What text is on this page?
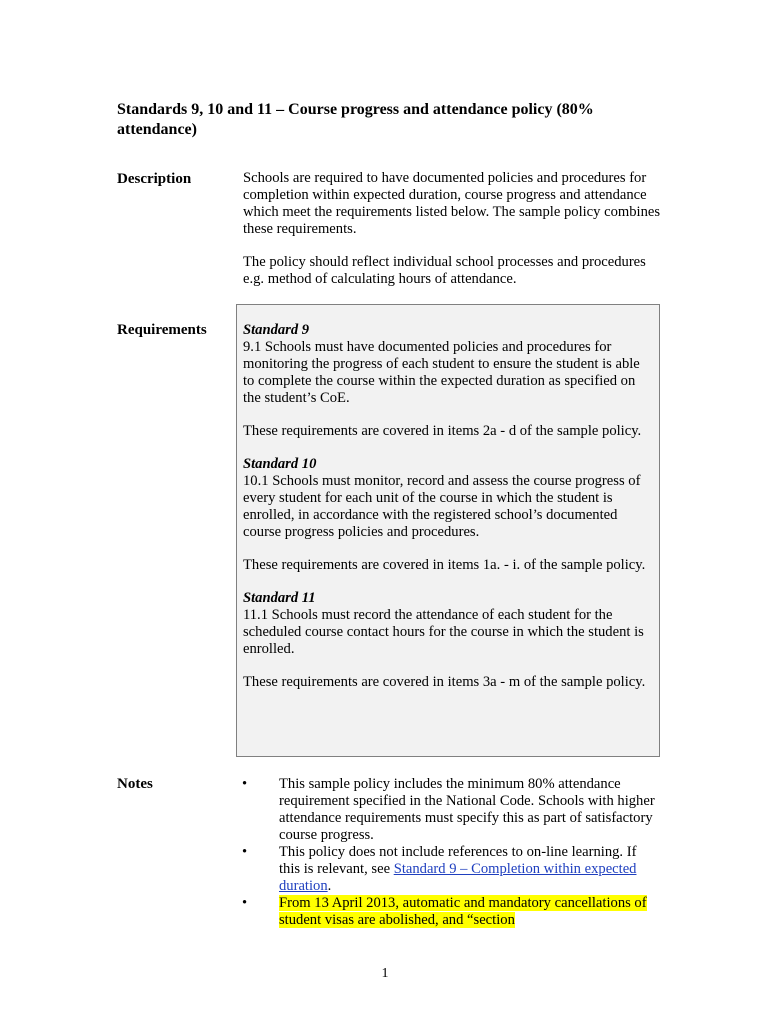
Standards 9, 10 and 11 – Course progress and attendance policy (80% attendance)
Description	Schools are required to have documented policies and procedures for completion within expected duration, course progress and attendance which meet the requirements listed below. The sample policy combines these requirements.

The policy should reflect individual school processes and procedures e.g. method of calculating hours of attendance.

Requirements Standard 9
9.1 Schools must have documented policies and procedures for monitoring the progress of each student to ensure the student is able to complete the course within the expected duration as specified on the student’s CoE.

These requirements are covered in items 2a - d of the sample policy.

Standard 10
10.1 Schools must monitor, record and assess the course progress of every student for each unit of the course in which the student is enrolled, in accordance with the registered school’s documented course progress policies and procedures.

These requirements are covered in items 1a. - i. of the sample policy.

Standard 11
11.1 Schools must record the attendance of each student for the scheduled course contact hours for the course in which the student is enrolled.

These requirements are covered in items 3a - m of the sample policy.

Notes	•	This sample policy includes the minimum 80% attendance requirement specified in the National Code. Schools with higher attendance requirements must specify this as part of satisfactory course progress.
•	This policy does not include references to on-line learning. If this is relevant, see Standard 9 – Completion within expected duration.
•	From 13 April 2013, automatic and mandatory cancellations of student visas are abolished, and “section
1
